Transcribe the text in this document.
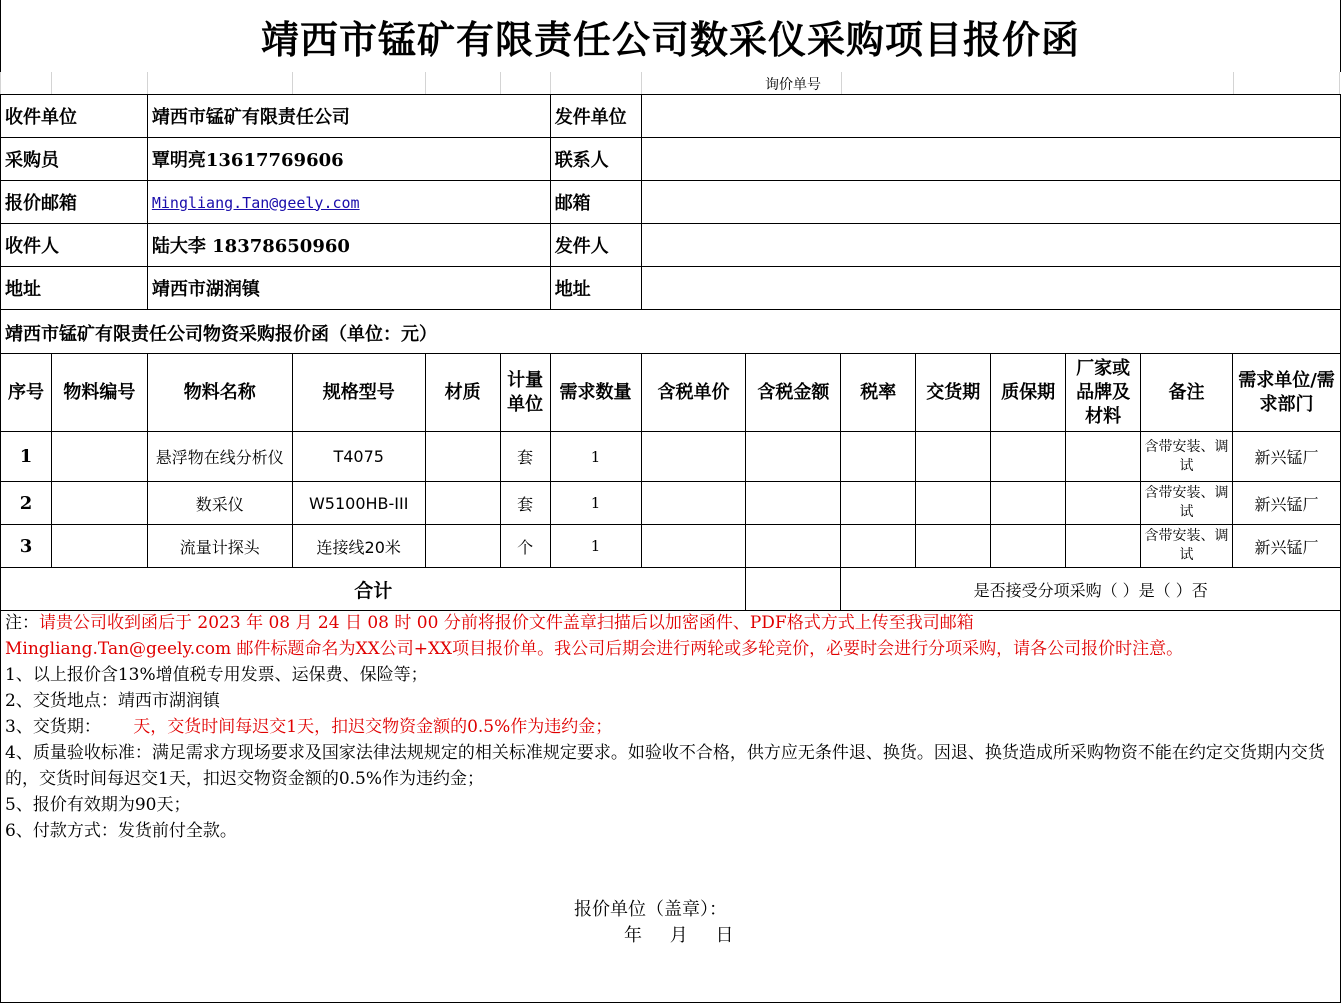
靖西市锰矿有限责任公司数采仪采购项目报价函
询价单号
收件单位	靖西市锰矿有限责任公司	发件单位	
采购员	覃明亮13617769606	联系人	
报价邮箱	Mingliang.Tan@geely.com	邮箱	
收件人	陆大李 18378650960	发件人	
地址	靖西市湖润镇	地址	
靖西市锰矿有限责任公司物资采购报价函（单位：元）
序号	物料编号	物料名称	规格型号	材质	计量单位	需求数量	含税单价	含税金额	税率	交货期	质保期	厂家或品牌及材料	备注	需求单位/需求部门
1		悬浮物在线分析仪	T4075		套	1							含带安装、调试	新兴锰厂
2		数采仪	W5100HB-III		套	1							含带安装、调试	新兴锰厂
3		流量计探头	连接线20米		个	1							含带安装、调试	新兴锰厂
合计									是否接受分项采购（ ）是（ ）否					

注：请贵公司收到函后于 2023 年 08 月 24 日 08 时 00 分前将报价文件盖章扫描后以加密函件、PDF格式方式上传至我司邮箱

Mingliang.Tan@geely.com 邮件标题命名为XX公司+XX项目报价单。我公司后期会进行两轮或多轮竞价，必要时会进行分项采购，请各公司报价时注意。

1、以上报价含13%增值税专用发票、运保费、保险等；

2、交货地点：靖西市湖润镇

3、交货期：      天，交货时间每迟交1天，扣迟交物资金额的0.5%作为违约金；

4、质量验收标准：满足需求方现场要求及国家法律法规规定的相关标准规定要求。如验收不合格，供方应无条件退、换货。因退、换货造成所采购物资不能在约定交货期内交货的，交货时间每迟交1天，扣迟交物资金额的0.5%作为违约金；

5、报价有效期为90天；

6、付款方式：发货前付全款。

报价单位（盖章）：
年 月 日
